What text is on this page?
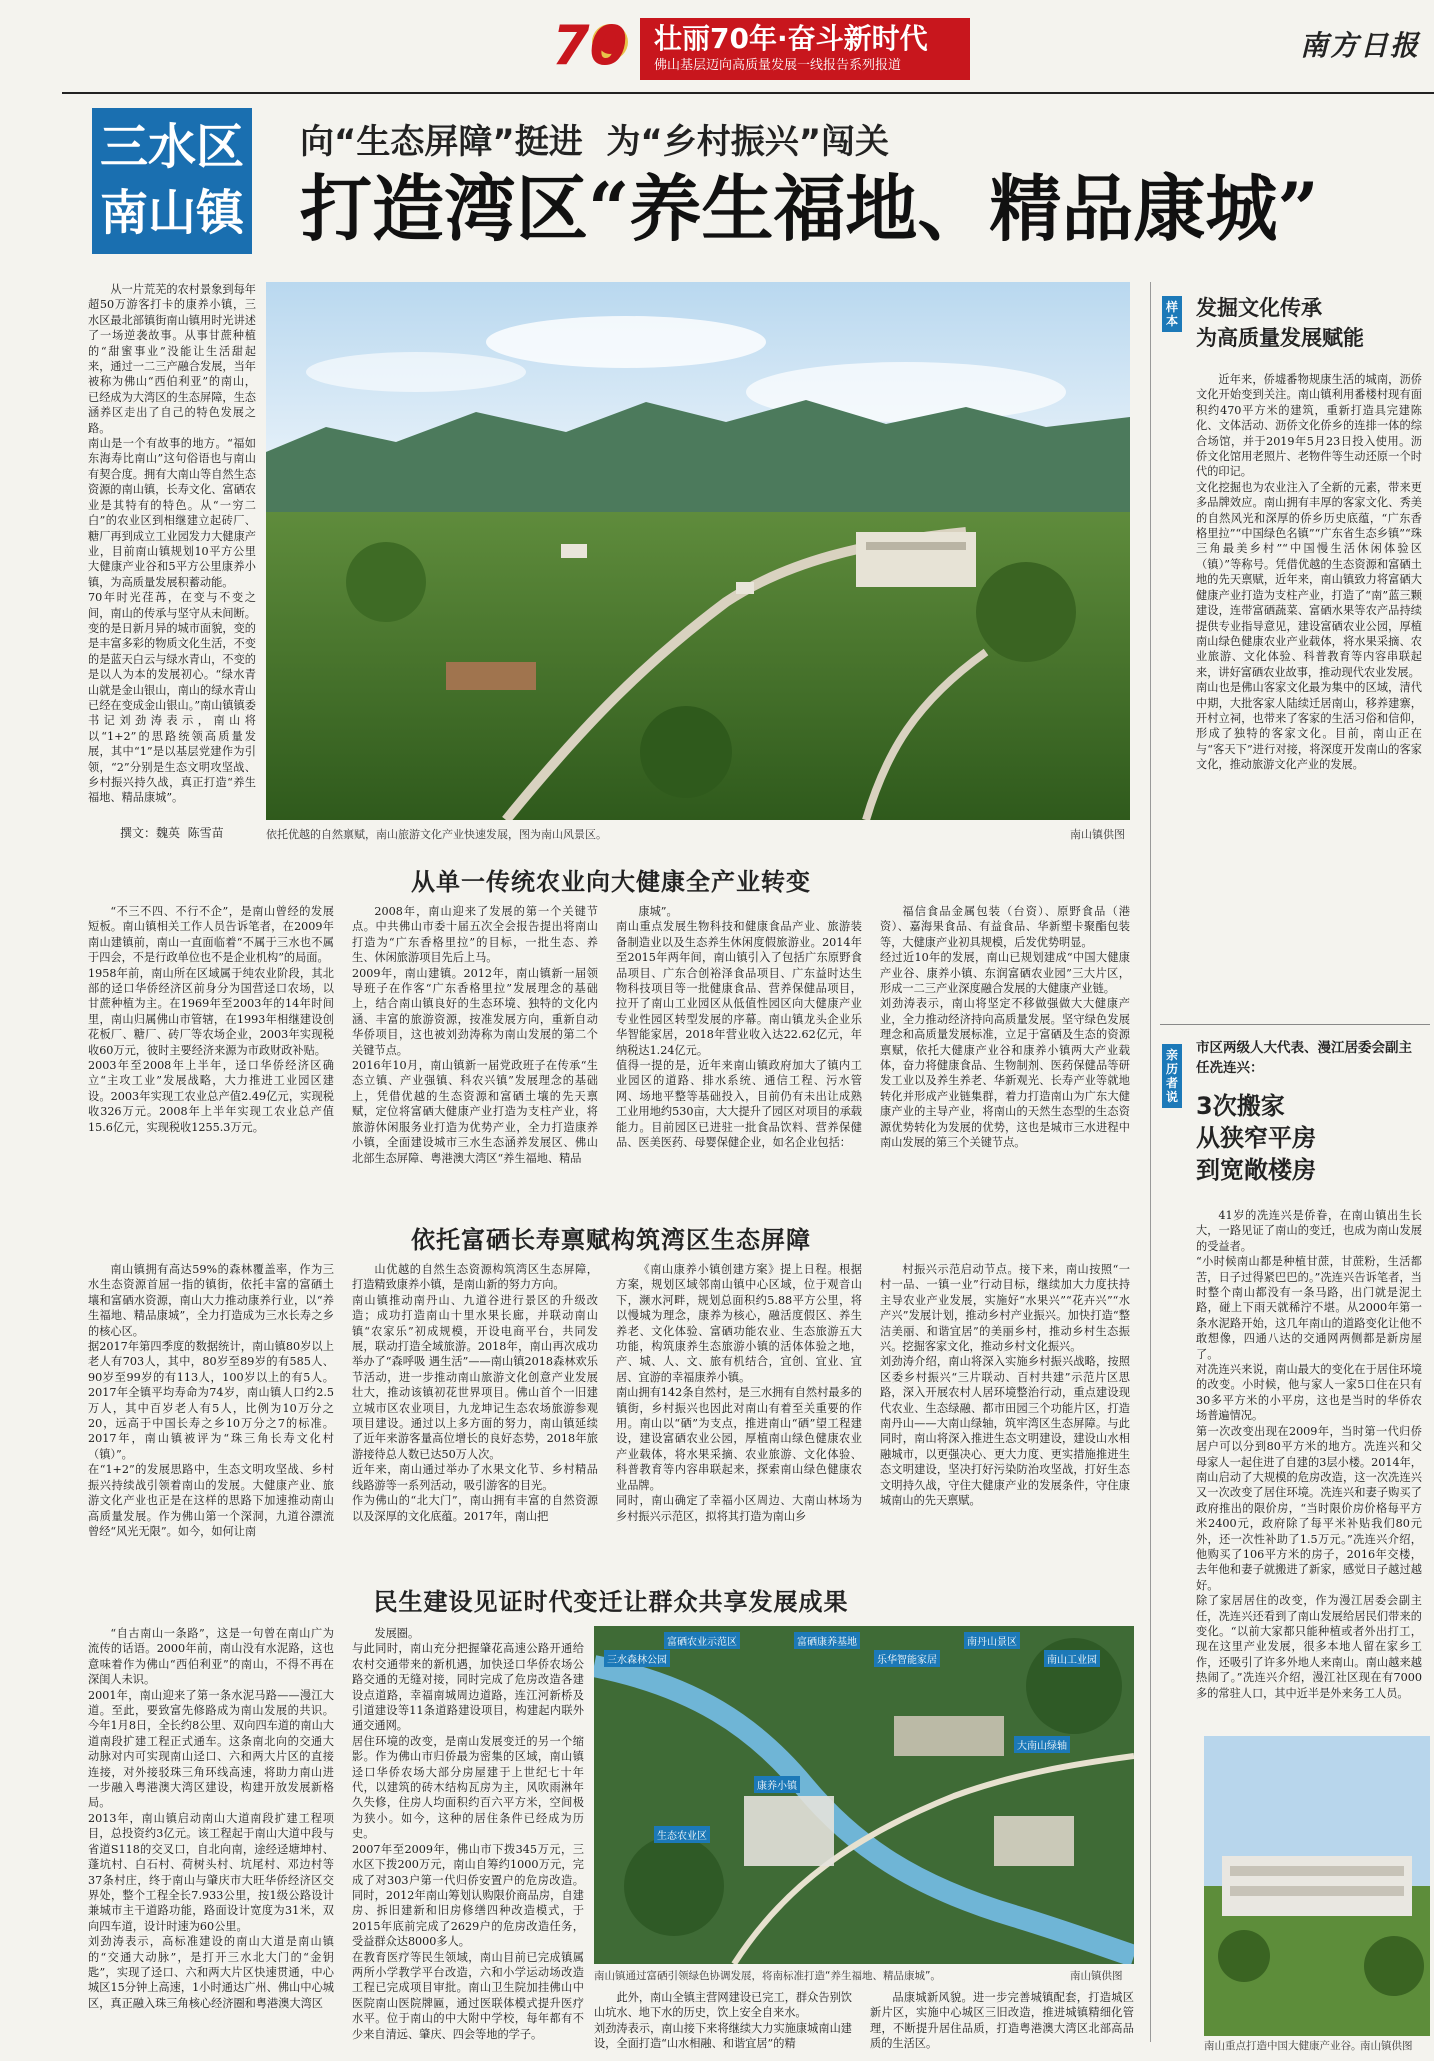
70 壮丽70年·奋斗新时代
佛山基层迈向高质量发展一线报告系列报道
南方日报
三水区
南山镇
向“生态屏障”挺进  为“乡村振兴”闯关
打造湾区“养生福地、精品康城”

从一片荒芜的农村景象到每年超50万游客打卡的康养小镇，三水区最北部镇街南山镇用时光讲述了一场逆袭故事。从事甘蔗种植的“甜蜜事业”没能让生活甜起来，通过一二三产融合发展，当年被称为佛山“西伯利亚”的南山，已经成为大湾区的生态屏障，生态涵养区走出了自己的特色发展之路。
南山是一个有故事的地方。“福如东海寿比南山”这句俗语也与南山有契合度。拥有大南山等自然生态资源的南山镇，长寿文化、富硒农业是其特有的特色。从“一穷二白”的农业区到相继建立起砖厂、糖厂再到成立工业园发力大健康产业，目前南山镇规划10平方公里大健康产业谷和5平方公里康养小镇，为高质量发展积蓄动能。
70年时光荏苒，在变与不变之间，南山的传承与坚守从未间断。变的是日新月异的城市面貌，变的是丰富多彩的物质文化生活，不变的是蓝天白云与绿水青山，不变的是以人为本的发展初心。“绿水青山就是金山银山，南山的绿水青山已经在变成金山银山。”南山镇镇委书记刘劲涛表示，南山将以“1+2”的思路统领高质量发展，其中“1”是以基层党建作为引领，“2”分别是生态文明攻坚战、乡村振兴持久战，真正打造“养生福地、精品康城”。

撰文：魏英  陈雪苗	依托优越的自然禀赋，南山旅游文化产业快速发展，图为南山风景区。	南山镇供图
从单一传统农业向大健康全产业转变

“不三不四、不行不企”，是南山曾经的发展短板。南山镇相关工作人员告诉笔者，在2009年南山建镇前，南山一直面临着“不属于三水也不属于四会，不是行政单位也不是企业机构”的局面。
1958年前，南山所在区域属于纯农业阶段，其北部的迳口华侨经济区前身分为国营迳口农场，以甘蔗种植为主。在1969年至2003年的14年时间里，南山归属佛山市管辖，在1993年相继建设创花板厂、糖厂、砖厂等农场企业，2003年实现税收60万元，彼时主要经济来源为市政财政补贴。
2003年至2008年上半年，迳口华侨经济区确立“主攻工业”发展战略，大力推进工业园区建设。2003年实现工农业总产值2.49亿元，实现税收326万元。2008年上半年实现工农业总产值15.6亿元，实现税收1255.3万元。

2008年，南山迎来了发展的第一个关键节点。中共佛山市委十届五次全会报告提出将南山打造为“广东香格里拉”的目标，一批生态、养生、休闲旅游项目先后上马。
2009年，南山建镇。2012年，南山镇新一届领导班子在作客“广东香格里拉”发展理念的基础上，结合南山镇良好的生态环境、独特的文化内涵、丰富的旅游资源，按准发展方向，重新自动华侨项目，这也被刘劲涛称为南山发展的第二个关键节点。
2016年10月，南山镇新一届党政班子在传承“生态立镇、产业强镇、科农兴镇”发展理念的基础上，凭借优越的生态资源和富硒土壤的先天禀赋，定位将富硒大健康产业打造为支柱产业，将旅游休闲服务业打造为优势产业，全力打造康养小镇，全面建设城市三水生态涵养发展区、佛山北部生态屏障、粤港澳大湾区“养生福地、精品

康城”。
南山重点发展生物科技和健康食品产业、旅游装备制造业以及生态养生休闲度假旅游业。2014年至2015年两年间，南山镇引入了包括广东原野食品项目、广东合创裕泽食品项目、广东益时达生物科技项目等一批健康食品、营养保健品项目，拉开了南山工业园区从低值性园区向大健康产业专业性园区转型发展的序幕。南山镇龙头企业乐华智能家居，2018年营业收入达22.62亿元，年纳税达1.24亿元。
值得一提的是，近年来南山镇政府加大了镇内工业园区的道路、排水系统、通信工程、污水管网、场地平整等基础投入，目前仍有未出让成熟工业用地约530亩，大大提升了园区对项目的承载能力。目前园区已进驻一批食品饮料、营养保健品、医美医药、母婴保健企业，如名企业包括：

福信食品金属包装（台资）、原野食品（港资）、嘉海果食品、有益食品、华新塑卡聚酯包装等，大健康产业初具规模，后发优势明显。
经过近10年的发展，南山已规划建成“中国大健康产业谷、康养小镇、东润富硒农业园”三大片区，形成一二三产业深度融合发展的大健康产业链。
刘劲涛表示，南山将坚定不移做强做大大健康产业，全力推动经济持向高质量发展。坚守绿色发展理念和高质量发展标准，立足于富硒及生态的资源禀赋，依托大健康产业谷和康养小镇两大产业载体，奋力将健康食品、生物制剂、医药保健品等研发工业以及养生养老、华新观光、长寿产业等就地转化并形成产业链集群，着力打造南山为广东大健康产业的主导产业，将南山的天然生态型的生态资源优势转化为发展的优势，这也是城市三水进程中南山发展的第三个关键节点。

依托富硒长寿禀赋构筑湾区生态屏障

南山镇拥有高达59%的森林覆盖率，作为三水生态资源首屈一指的镇街，依托丰富的富硒土壤和富硒水资源，南山大力推动康养行业，以“养生福地、精品康城”，全力打造成为三水长寿之乡的核心区。
据2017年第四季度的数据统计，南山镇80岁以上老人有703人，其中，80岁至89岁的有585人、90岁至99岁的有113人，100岁以上的有5人。2017年全镇平均寿命为74岁，南山镇人口约2.5万人，其中百岁老人有5人，比例为10万分之20，远高于中国长寿之乡10万分之7的标准。2017年，南山镇被评为“珠三角长寿文化村（镇）”。
在“1+2”的发展思路中，生态文明攻坚战、乡村振兴持续战引领着南山的发展。大健康产业、旅游文化产业也正是在这样的思路下加速推动南山高质量发展。作为佛山第一个深洞，九道谷漂流曾经“风光无限”。如今，如何让南

山优越的自然生态资源构筑湾区生态屏障，打造精致康养小镇，是南山新的努力方向。
南山镇推动南丹山、九道谷进行景区的升级改造；成功打造南山十里水果长廊，并联动南山镇“农家乐”初成规模，开设电商平台，共同发展，联动打造全域旅游。2018年，南山再次成功举办了“森呼吸 遇生活”——南山镇2018森林欢乐节活动，进一步推动南山旅游文化创意产业发展壮大，推动该镇初花世界项目。佛山首个一旧建立城市区农业项目，九龙坤记生态农场旅游参观项目建设。通过以上多方面的努力，南山镇延续了近年来游客量高位增长的良好态势，2018年旅游接待总人数已达50万人次。
近年来，南山通过举办了水果文化节、乡村精品线路游等一系列活动，吸引游客的目光。
作为佛山的“北大门”，南山拥有丰富的自然资源以及深厚的文化底蕴。2017年，南山把

《南山康养小镇创建方案》提上日程。根据方案，规划区域邻南山镇中心区域，位于观音山下，濒水河畔，规划总面积约5.88平方公里，将以慢城为理念，康养为核心，融活度假区、养生养老、文化体验、富硒功能农业、生态旅游五大功能，构筑康养生态旅游小镇的活体体验之地，产、城、人、文、旅有机结合，宜创、宜业、宜居、宜游的幸福康养小镇。
南山拥有142条自然村，是三水拥有自然村最多的镇街，乡村振兴也因此对南山有着至关重要的作用。南山以“硒”为支点，推进南山“硒”望工程建设，建设富硒农业公园，厚植南山绿色健康农业产业载体，将水果采摘、农业旅游、文化体验、科普教育等内容串联起来，探索南山绿色健康农业品牌。
同时，南山确定了幸福小区周边、大南山林场为乡村振兴示范区，拟将其打造为南山乡

村振兴示范启动节点。接下来，南山按照“一村一品、一镇一业”行动目标，继续加大力度扶持主导农业产业发展，实施好“水果兴”“花卉兴”“水产兴”发展计划，推动乡村产业振兴。加快打造“整洁美丽、和谐宜居”的美丽乡村，推动乡村生态振兴。挖掘客家文化，推动乡村文化振兴。
刘劲涛介绍，南山将深入实施乡村振兴战略，按照区委乡村振兴“三片联动、百村共建”示范片区思路，深入开展农村人居环境整治行动，重点建设现代农业、生态绿融、都市田园三个功能片区，打造南丹山——大南山绿轴，筑牢湾区生态屏障。与此同时，南山将深入推进生态文明建设，建设山水相融城市，以更强决心、更大力度、更实措施推进生态文明建设，坚决打好污染防治攻坚战，打好生态文明持久战，守住大健康产业的发展条件，守住康城南山的先天禀赋。

民生建设见证时代变迁让群众共享发展成果

“自古南山一条路”，这是一句曾在南山广为流传的话语。2000年前，南山没有水泥路，这也意味着作为佛山“西伯利亚”的南山，不得不再在深闺人未识。
2001年，南山迎来了第一条水泥马路——漫江大道。至此，要致富先修路成为南山发展的共识。今年1月8日，全长约8公里、双向四车道的南山大道南段扩建工程正式通车。这条南北向的交通大动脉对内可实现南山迳口、六和两大片区的直接连接，对外接驳珠三角环线高速，将助力南山进一步融入粤港澳大湾区建设，构建开放发展新格局。
2013年，南山镇启动南山大道南段扩建工程项目，总投资约3亿元。该工程起于南山大道中段与省道S118的交叉口，自北向南，途经迳塘坤村、蓬坑村、白石村、荷树头村、坑尾村、邓边村等37条村庄，终于南山与肇庆市大旺华侨经济区交界处，整个工程全长7.933公里，按1级公路设计兼城市主干道路功能，路面设计宽度为31米，双向四车道，设计时速为60公里。
刘劲涛表示，高标准建设的南山大道是南山镇的“交通大动脉”，是打开三水北大门的“金钥匙”，实现了迳口、六和两大片区快速贯通，中心城区15分钟上高速，1小时通达广州、佛山中心城区，真正融入珠三角核心经济圈和粤港澳大湾区

发展圈。
与此同时，南山充分把握肇花高速公路开通给农村交通带来的新机遇，加快迳口华侨农场公路交通的无缝对接，同时完成了危房改造各建设点道路，幸福南城周边道路，连江河新桥及引道建设等11条道路建设项目，构建起内联外通交通网。
居住环境的改变，是南山发展变迁的另一个缩影。作为佛山市归侨最为密集的区域，南山镇迳口华侨农场大部分房屋建于上世纪七十年代，以建筑的砖木结构瓦房为主，风吹雨淋年久失修，住房人均面积约百六平方米，空间极为狭小。如今，这种的居住条件已经成为历史。
2007年至2009年，佛山市下拨345万元，三水区下拨200万元，南山自筹约1000万元，完成了对303户第一代归侨安置户的危房改造。同时，2012年南山筹划认购限价商品房，自建房、拆旧建新和旧房修缮四种改造模式，于2015年底前完成了2629户的危房改造任务，受益群众达8000多人。
在教育医疗等民生领域，南山目前已完成镇属两所小学教学平台改造，六和小学运动场改造工程已完成项目审批。南山卫生院加挂佛山中医院南山医院牌匾，通过医联体模式提升医疗水平。位于南山的中大附中学校，每年都有不少来自清远、肇庆、四会等地的学子。

富硒农业示范区
三水森林公园
富硒康养基地
乐华智能家居
南丹山景区
南山工业园
康养小镇
生态农业区
大南山绿轴
南山镇通过富硒引领绿色协调发展，将南标准打造“养生福地、精品康城”。	南山镇供图

此外，南山全镇主营网建设已完工，群众告别饮山坑水、地下水的历史，饮上安全自来水。
刘劲涛表示，南山接下来将继续大力实施康城南山建设，全面打造“山水相融、和谐宜居”的精

品康城新风貌。进一步完善城镇配套，打造城区新片区，实施中心城区三旧改造，推进城镇精细化管理，不断提升居住品质，打造粤港澳大湾区北部高品质的生活区。

样本
发掘文化传承
为高质量发展赋能

近年来，侨墟番物规康生活的城南，沥侨文化开始变到关注。南山镇利用番楼村现有面积约470平方米的建筑，重新打造具完建陈化、文体活动、沥侨文化侨乡的连排一体的综合场馆，并于2019年5月23日投入使用。沥侨文化馆用老照片、老物件等生动还原一个时代的印记。
文化挖掘也为农业注入了全新的元素，带来更多品牌效应。南山拥有丰厚的客家文化、秀美的自然风光和深厚的侨乡历史底蕴，“广东香格里拉”“中国绿色名镇”“广东省生态乡镇”“珠三角最美乡村”“中国慢生活休闲体验区（镇）”等称号。凭借优越的生态资源和富硒土地的先天禀赋，近年来，南山镇致力将富硒大健康产业打造为支柱产业，打造了“南”蓝三颗建设，连带富硒蔬菜、富硒水果等农产品持续提供专业指导意见，建设富硒农业公园，厚植南山绿色健康农业产业载体，将水果采摘、农业旅游、文化体验、科普教育等内容串联起来，讲好富硒农业故事，推动现代农业发展。
南山也是佛山客家文化最为集中的区域，清代中期，大批客家人陆续迁居南山，移养建寨，开村立祠，也带来了客家的生活习俗和信仰，形成了独特的客家文化。目前，南山正在与“客天下”进行对接，将深度开发南山的客家文化，推动旅游文化产业的发展。

亲历者说
市区两级人大代表、漫江居委会副主任冼连兴：
3次搬家
从狭窄平房
到宽敞楼房

41岁的冼连兴是侨眷，在南山镇出生长大，一路见证了南山的变迁，也成为南山发展的受益者。
“小时候南山都是种植甘蔗，甘蔗粉，生活都苦，日子过得紧巴巴的。”冼连兴告诉笔者，当时整个南山都没有一条马路，出门就是泥土路，碰上下雨天就稀泞不堪。从2000年第一条水泥路开始，这几年南山的道路变化让他不敢想像，四通八达的交通网两侧都是新房屋了。
对冼连兴来说，南山最大的变化在于居住环境的改变。小时候，他与家人一家5口住在只有30多平方米的小平房，这也是当时的华侨农场普遍情况。
第一次改变出现在2009年，当时第一代归侨居户可以分到80平方米的地方。冼连兴和父母家人一起住进了自建的3层小楼。2014年，南山启动了大规模的危房改造，这一次冼连兴又一次改变了居住环境。冼连兴和妻子购买了政府推出的限价房，“当时限价房价格每平方米2400元，政府除了每平米补贴我们80元外，还一次性补助了1.5万元。”冼连兴介绍，他购买了106平方米的房子，2016年交楼，去年他和妻子就搬进了新家，感觉日子越过越好。
除了家居居住的改变，作为漫江居委会副主任，冼连兴还看到了南山发展给居民们带来的变化。“以前大家都只能种植或者外出打工，现在这里产业发展，很多本地人留在家乡工作，还吸引了许多外地人来南山。南山越来越热闹了。”冼连兴介绍，漫江社区现在有7000多的常驻人口，其中近半是外来务工人员。

南山重点打造中国大健康产业谷。
南山镇供图
